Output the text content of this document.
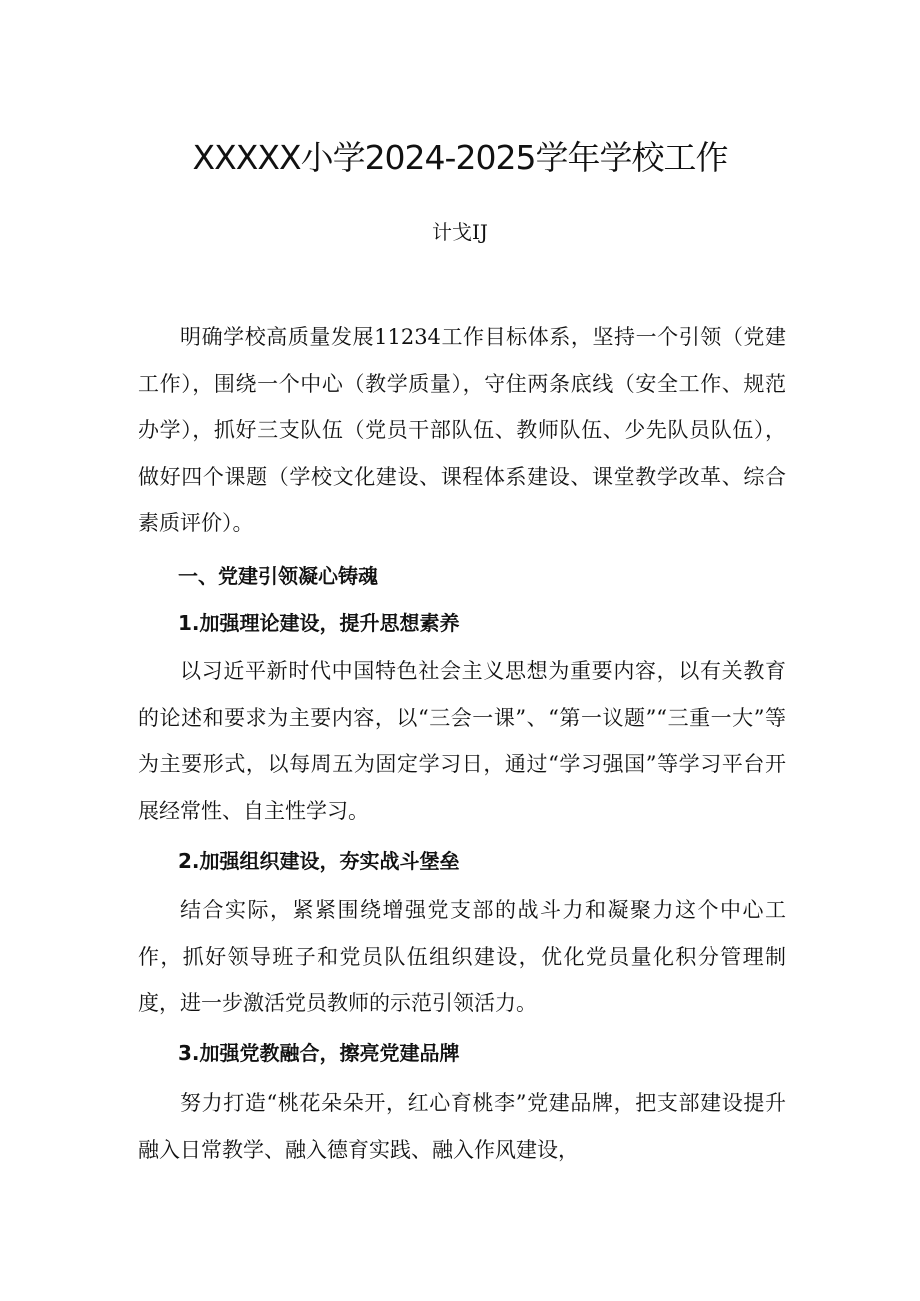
XXXXX小学2024-2025学年学校工作
计戈IJ

明确学校高质量发展11234工作目标体系，坚持一个引领（党建工作），围绕一个中心（教学质量），守住两条底线（安全工作、规范办学），抓好三支队伍（党员干部队伍、教师队伍、少先队员队伍），做好四个课题（学校文化建设、课程体系建设、课堂教学改革、综合素质评价）。

一、党建引领凝心铸魂

1.加强理论建设，提升思想素养

以习近平新时代中国特色社会主义思想为重要内容，以有关教育的论述和要求为主要内容，以“三会一课”、“第一议题”“三重一大”等为主要形式，以每周五为固定学习日，通过“学习强国”等学习平台开展经常性、自主性学习。

2.加强组织建设，夯实战斗堡垒

结合实际，紧紧围绕增强党支部的战斗力和凝聚力这个中心工作，抓好领导班子和党员队伍组织建设，优化党员量化积分管理制度，进一步激活党员教师的示范引领活力。

3.加强党教融合，擦亮党建品牌

努力打造“桃花朵朵开，红心育桃李”党建品牌，把支部建设提升融入日常教学、融入德育实践、融入作风建设，
